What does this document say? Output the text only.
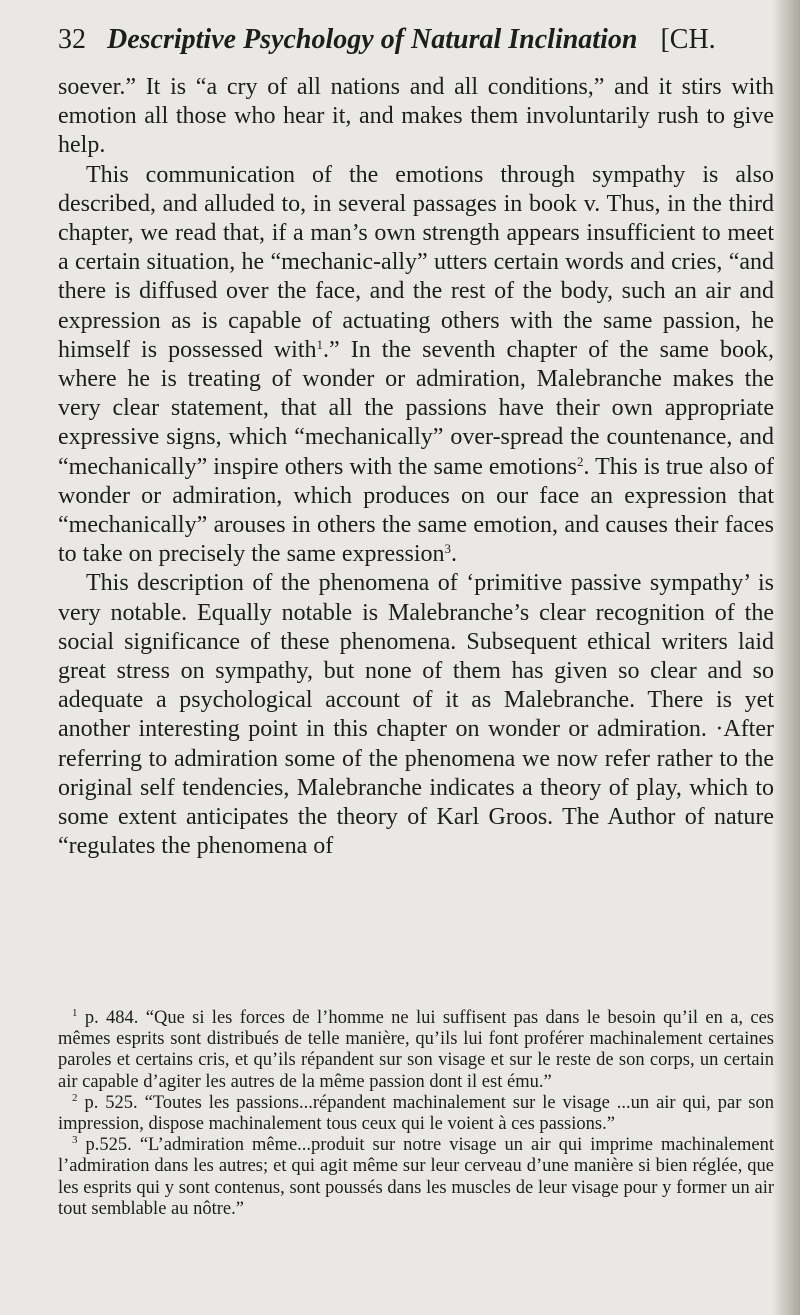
32 Descriptive Psychology of Natural Inclination [CH.

soever.” It is “a cry of all nations and all conditions,” and it stirs with emotion all those who hear it, and makes them involuntarily rush to give help.

This communication of the emotions through sympathy is also described, and alluded to, in several passages in book v. Thus, in the third chapter, we read that, if a man’s own strength appears insufficient to meet a certain situation, he “mechanic-ally” utters certain words and cries, “and there is diffused over the face, and the rest of the body, such an air and expression as is capable of actuating others with the same passion, he himself is possessed with$^1$.” In the seventh chapter of the same book, where he is treating of wonder or admiration, Malebranche makes the very clear statement, that all the passions have their own appropriate expressive signs, which “mechanically” over-spread the countenance, and “mechanically” inspire others with the same emotions$^2$. This is true also of wonder or admiration, which produces on our face an expression that “mechanically” arouses in others the same emotion, and causes their faces to take on precisely the same expression$^3$.

This description of the phenomena of ‘primitive passive sympathy’ is very notable. Equally notable is Malebranche’s clear recognition of the social significance of these phenomena. Subsequent ethical writers laid great stress on sympathy, but none of them has given so clear and so adequate a psychological account of it as Malebranche. There is yet another interesting point in this chapter on wonder or admiration. ·After referring to admiration some of the phenomena we now refer rather to the original self tendencies, Malebranche indicates a theory of play, which to some extent anticipates the theory of Karl Groos. The Author of nature “regulates the phenomena of

$^1$ p. 484. “Que si les forces de l’homme ne lui suffisent pas dans le besoin qu’il en a, ces mêmes esprits sont distribués de telle manière, qu’ils lui font proférer machinalement certaines paroles et certains cris, et qu’ils répandent sur son visage et sur le reste de son corps, un certain air capable d’agiter les autres de la même passion dont il est ému.”

$^2$ p. 525. “Toutes les passions...répandent machinalement sur le visage ...un air qui, par son impression, dispose machinalement tous ceux qui le voient à ces passions.”

$^3$ p.525. “L’admiration même...produit sur notre visage un air qui imprime machinalement l’admiration dans les autres; et qui agit même sur leur cerveau d’une manière si bien réglée, que les esprits qui y sont contenus, sont poussés dans les muscles de leur visage pour y former un air tout semblable au nôtre.”
